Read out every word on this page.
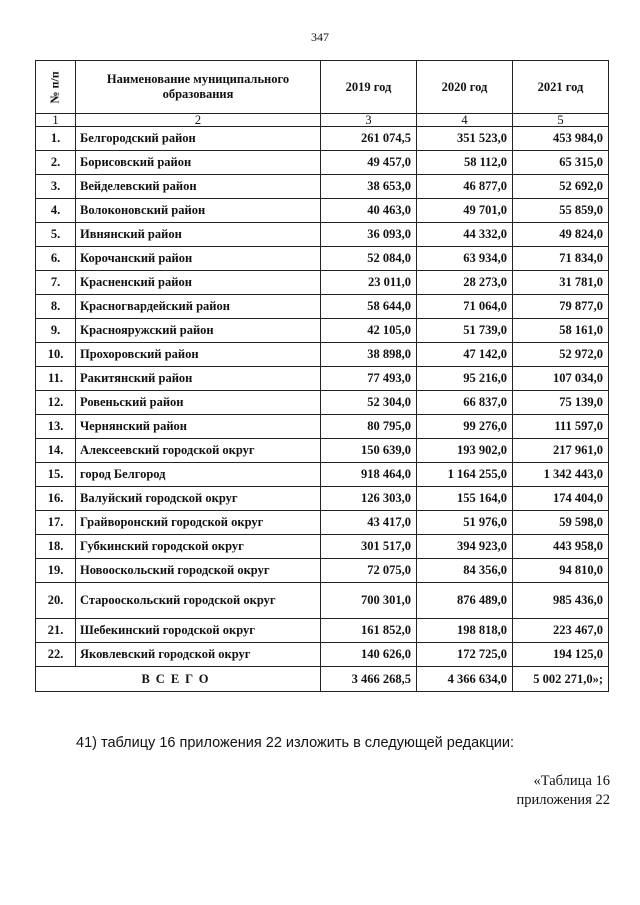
347
№ п/п	Наименование муниципального образования	2019 год	2020 год	2021 год
1	2	3	4	5
1.	Белгородский район	261 074,5	351 523,0	453 984,0
2.	Борисовский район	49 457,0	58 112,0	65 315,0
3.	Вейделевский район	38 653,0	46 877,0	52 692,0
4.	Волоконовский район	40 463,0	49 701,0	55 859,0
5.	Ивнянский район	36 093,0	44 332,0	49 824,0
6.	Корочанский район	52 084,0	63 934,0	71 834,0
7.	Красненский район	23 011,0	28 273,0	31 781,0
8.	Красногвардейский район	58 644,0	71 064,0	79 877,0
9.	Краснояружский район	42 105,0	51 739,0	58 161,0
10.	Прохоровский район	38 898,0	47 142,0	52 972,0
11.	Ракитянский район	77 493,0	95 216,0	107 034,0
12.	Ровеньский район	52 304,0	66 837,0	75 139,0
13.	Чернянский район	80 795,0	99 276,0	111 597,0
14.	Алексеевский городской округ	150 639,0	193 902,0	217 961,0
15.	город Белгород	918 464,0	1 164 255,0	1 342 443,0
16.	Валуйский городской округ	126 303,0	155 164,0	174 404,0
17.	Грайворонский городской округ	43 417,0	51 976,0	59 598,0
18.	Губкинский городской округ	301 517,0	394 923,0	443 958,0
19.	Новооскольский городской округ	72 075,0	84 356,0	94 810,0
20.	Старооскольский городской округ	700 301,0	876 489,0	985 436,0
21.	Шебекинский городской округ	161 852,0	198 818,0	223 467,0
22.	Яковлевский городской округ	140 626,0	172 725,0	194 125,0
ВСЕГО		3 466 268,5	4 366 634,0	5 002 271,0»;
41) таблицу 16 приложения 22 изложить в следующей редакции:
«Таблица 16
приложения 22
